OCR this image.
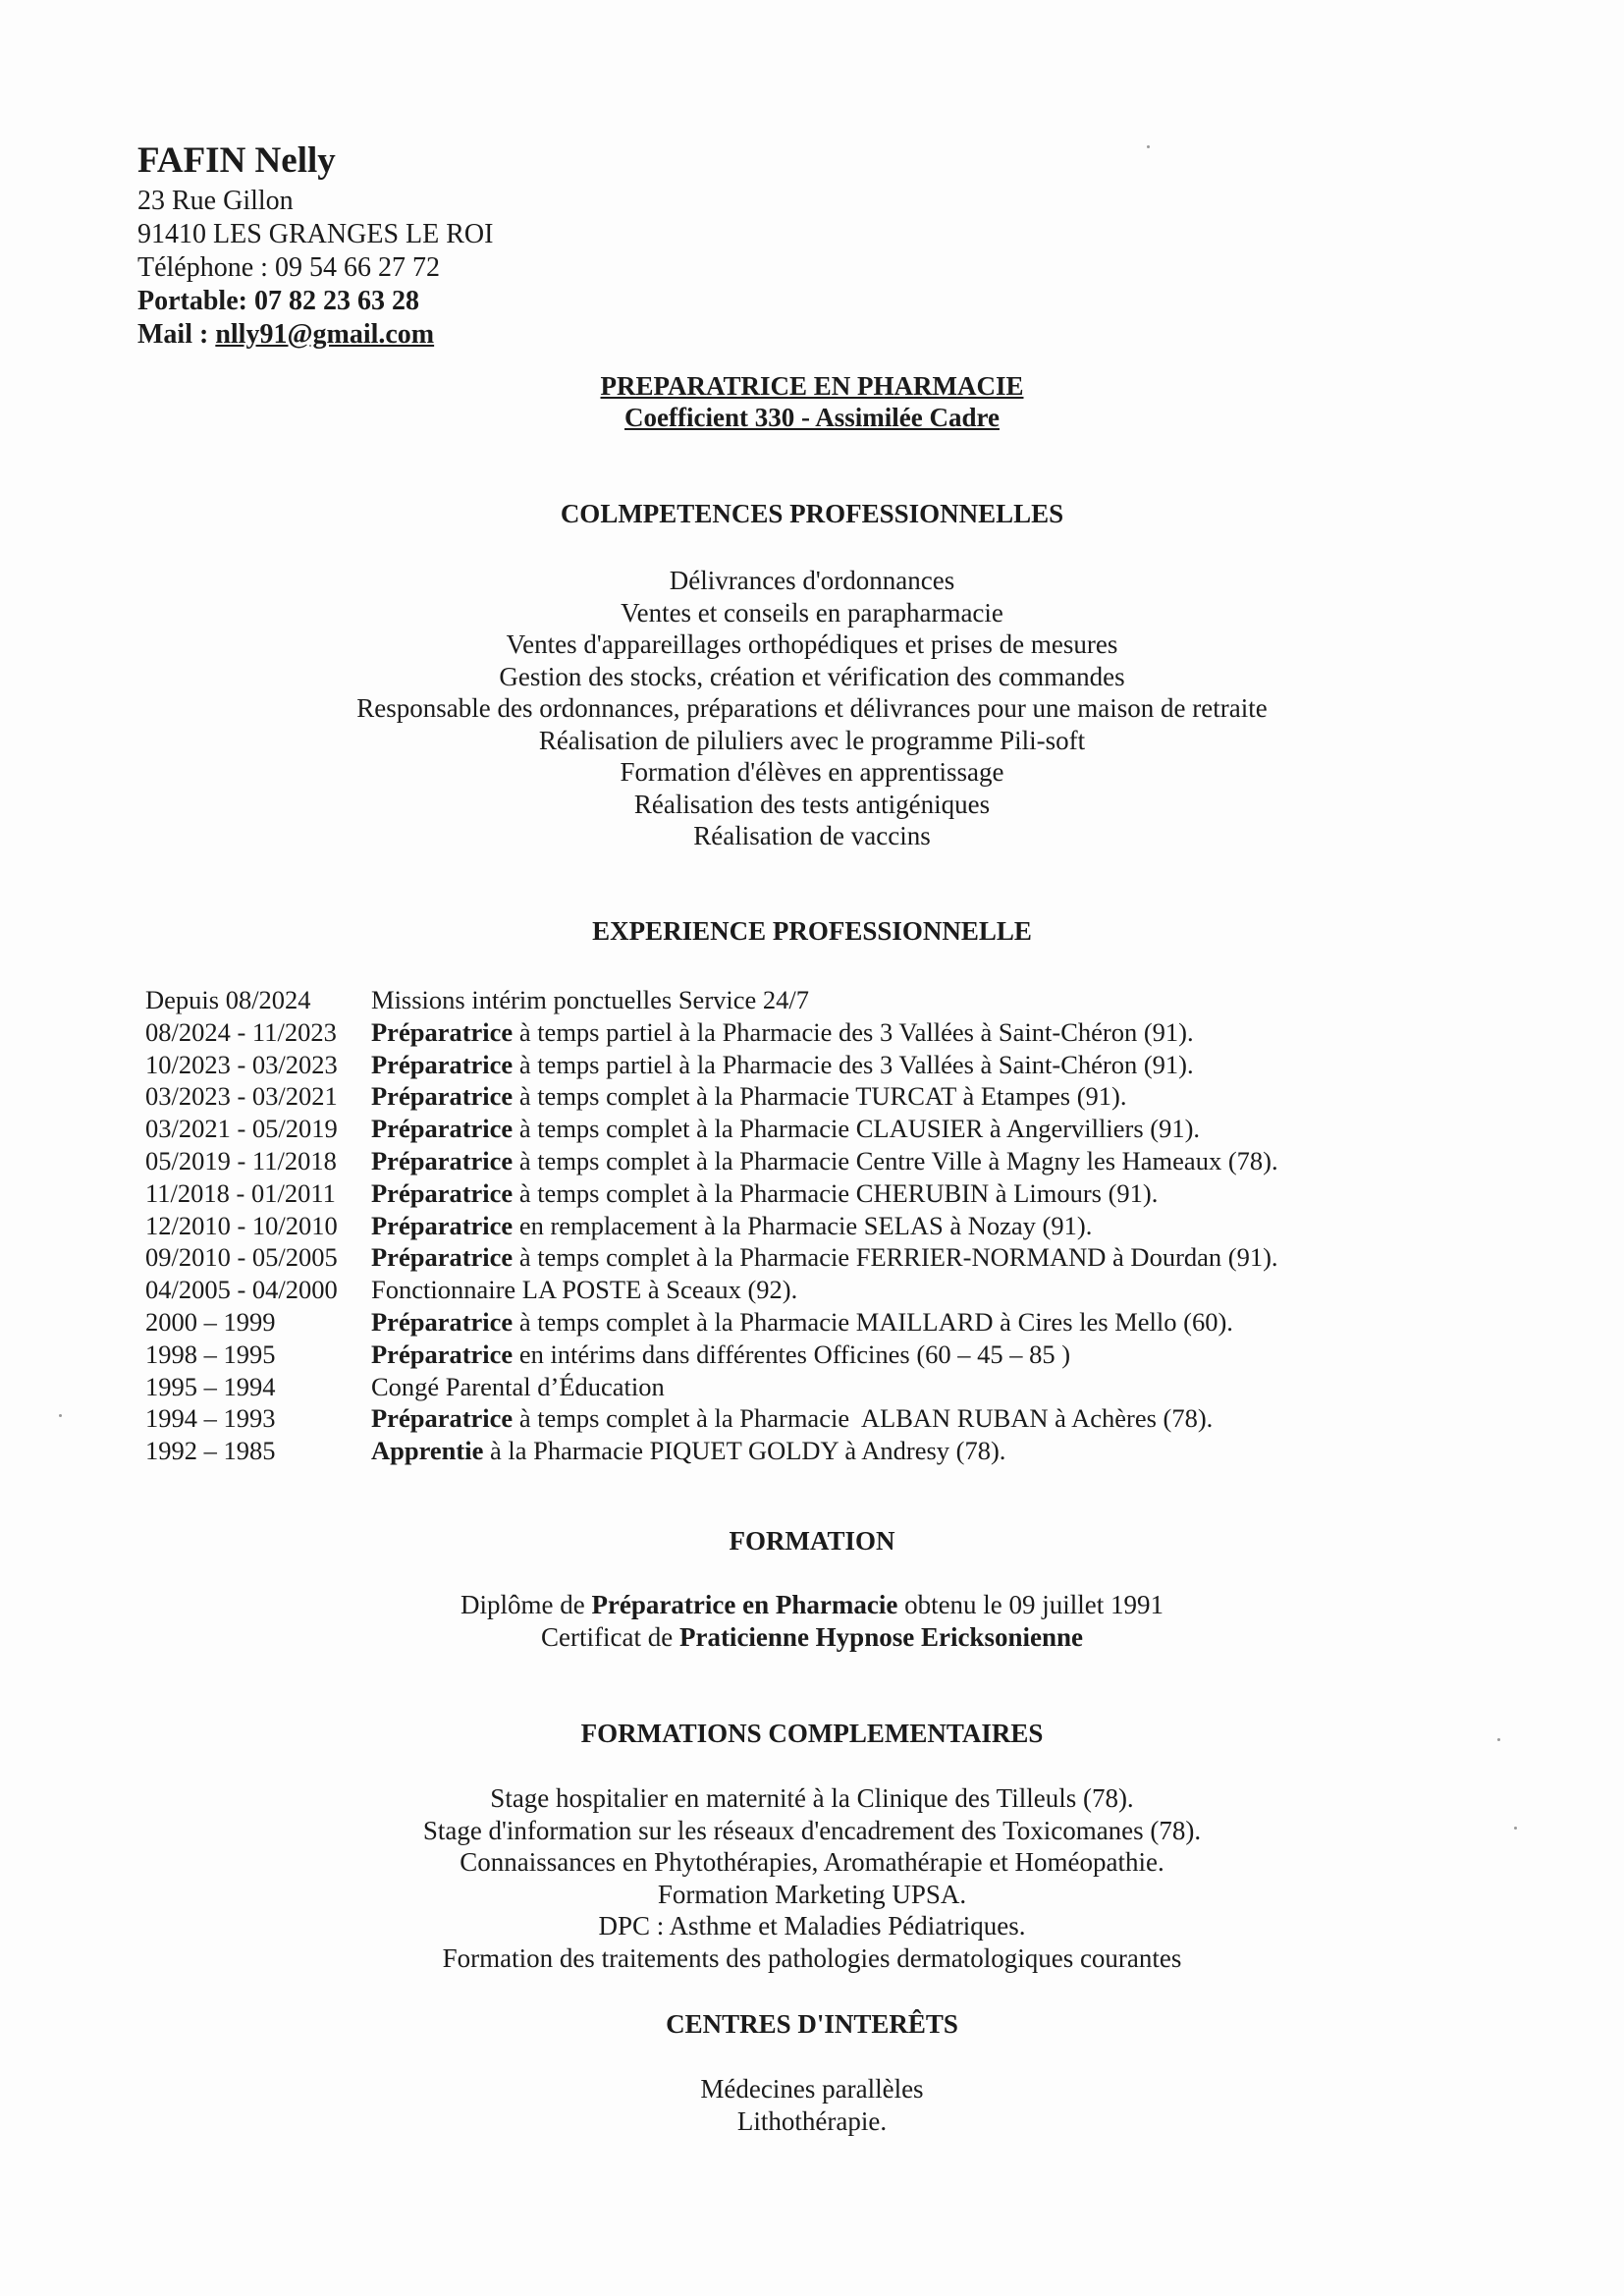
FAFIN Nelly
23 Rue Gillon
91410 LES GRANGES LE ROI
Téléphone : 09 54 66 27 72
Portable: 07 82 23 63 28
Mail : nlly91@gmail.com
PREPARATRICE EN PHARMACIE
Coefficient 330 - Assimilée Cadre
COLMPETENCES PROFESSIONNELLES
Délivrances d'ordonnances
Ventes et conseils en parapharmacie
Ventes d'appareillages orthopédiques et prises de mesures
Gestion des stocks, création et vérification des commandes
Responsable des ordonnances, préparations et délivrances pour une maison de retraite
Réalisation de piluliers avec le programme Pili-soft
Formation d'élèves en apprentissage
Réalisation des tests antigéniques
Réalisation de vaccins
EXPERIENCE PROFESSIONNELLE
Depuis 08/2024	Missions intérim ponctuelles Service 24/7
08/2024 - 11/2023	Préparatrice à temps partiel à la Pharmacie des 3 Vallées à Saint-Chéron (91).
10/2023 - 03/2023	Préparatrice à temps partiel à la Pharmacie des 3 Vallées à Saint-Chéron (91).
03/2023 - 03/2021	Préparatrice à temps complet à la Pharmacie TURCAT à Etampes (91).
03/2021 - 05/2019	Préparatrice à temps complet à la Pharmacie CLAUSIER à Angervilliers (91).
05/2019 - 11/2018	Préparatrice à temps complet à la Pharmacie Centre Ville à Magny les Hameaux (78).
11/2018 - 01/2011	Préparatrice à temps complet à la Pharmacie CHERUBIN à Limours (91).
12/2010 - 10/2010	Préparatrice en remplacement à la Pharmacie SELAS à Nozay (91).
09/2010 - 05/2005	Préparatrice à temps complet à la Pharmacie FERRIER-NORMAND à Dourdan (91).
04/2005 - 04/2000	Fonctionnaire LA POSTE à Sceaux (92).
2000 – 1999	Préparatrice à temps complet à la Pharmacie MAILLARD à Cires les Mello (60).
1998 – 1995	Préparatrice en intérims dans différentes Officines (60 – 45 – 85 )
1995 – 1994	Congé Parental d’Éducation
1994 – 1993	Préparatrice à temps complet à la Pharmacie  ALBAN RUBAN à Achères (78).
1992 – 1985	Apprentie à la Pharmacie PIQUET GOLDY à Andresy (78).
FORMATION
Diplôme de Préparatrice en Pharmacie obtenu le 09 juillet 1991
Certificat de Praticienne Hypnose Ericksonienne
FORMATIONS COMPLEMENTAIRES
Stage hospitalier en maternité à la Clinique des Tilleuls (78).
Stage d'information sur les réseaux d'encadrement des Toxicomanes (78).
Connaissances en Phytothérapies, Aromathérapie et Homéopathie.
Formation Marketing UPSA.
DPC : Asthme et Maladies Pédiatriques.
Formation des traitements des pathologies dermatologiques courantes
CENTRES D'INTERÊTS
Médecines parallèles
Lithothérapie.
